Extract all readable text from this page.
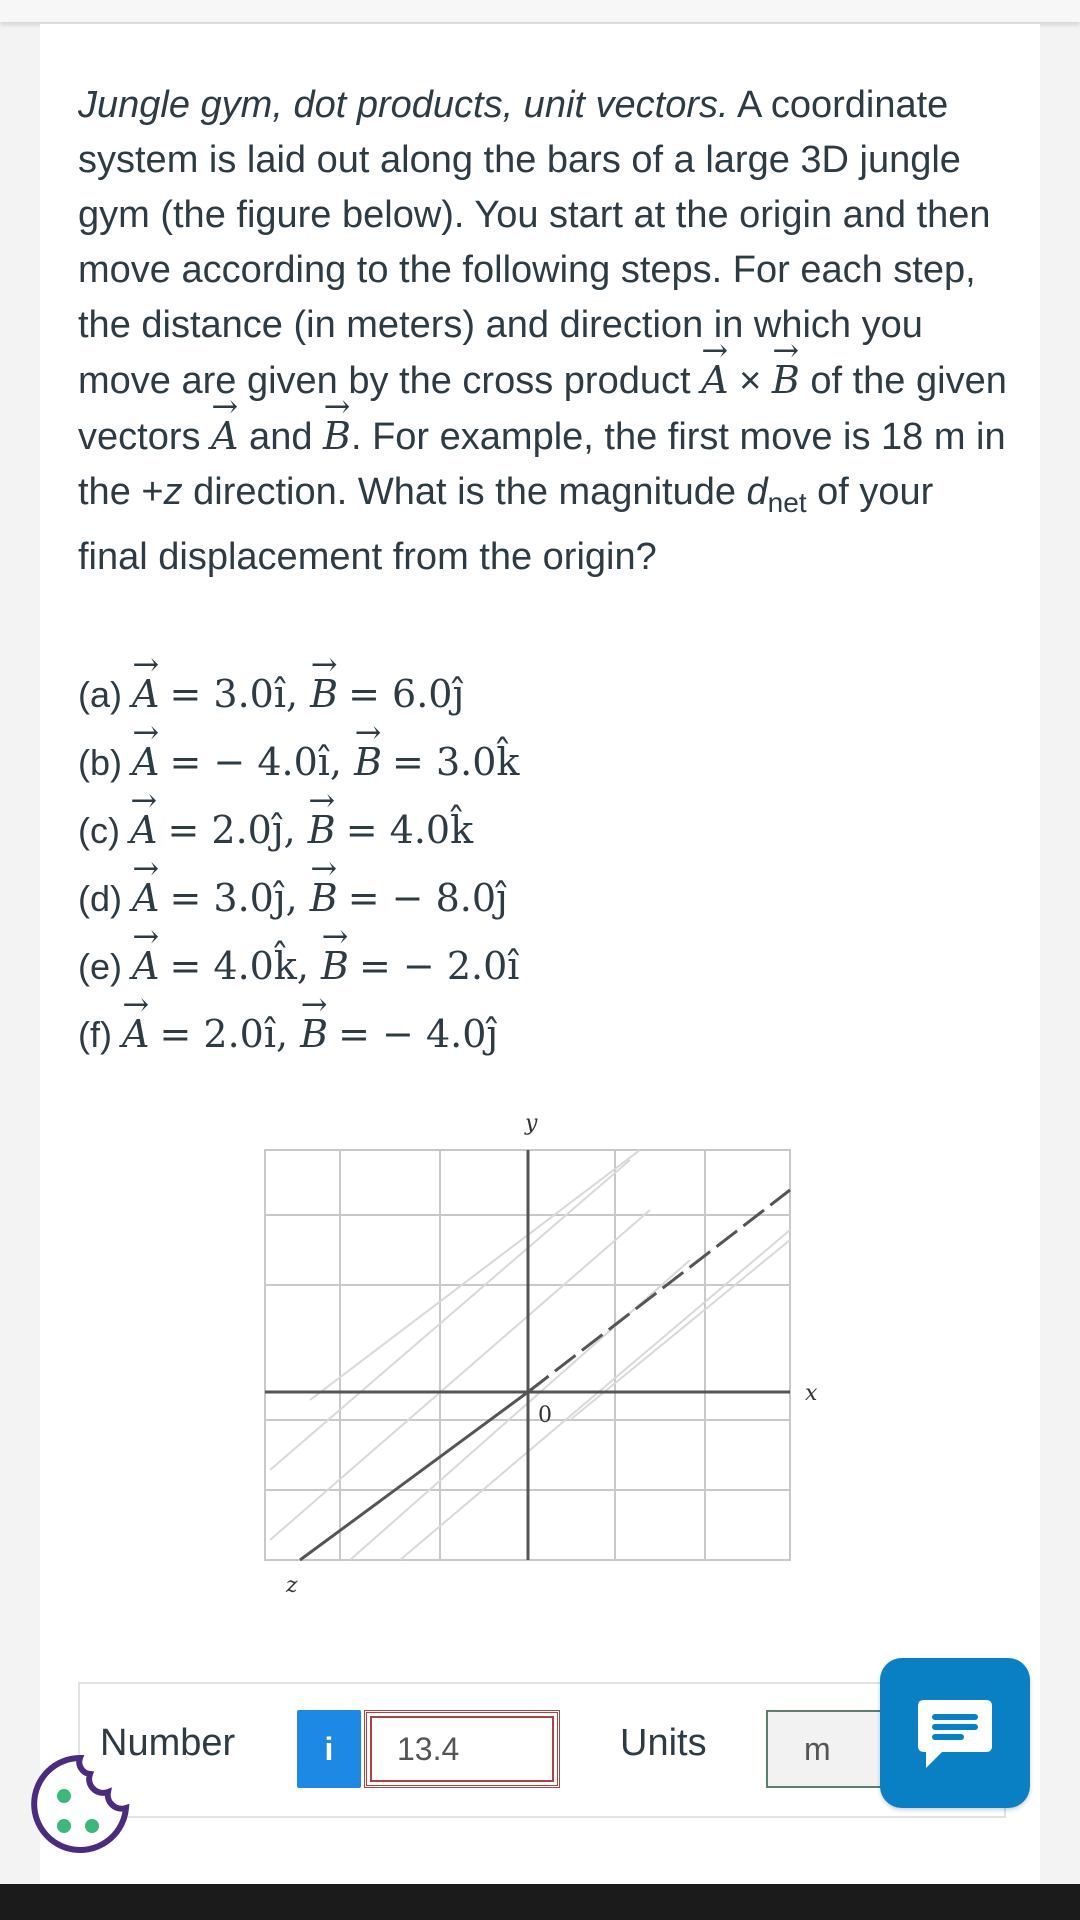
Jungle gym, dot products, unit vectors. A coordinate system is laid out along the bars of a large 3D jungle gym (the figure below). You start at the origin and then move according to the following steps. For each step, the distance (in meters) and direction in which you move are given by the cross product → A × → B of the given vectors → A and → B. For example, the first move is 18 m in the +z direction. What is the magnitude $d_{net}$ of your final displacement from the origin?
(a) → A = 3.0î, → B = 6.0ĵ
(b) → A = − 4.0î, → B = 3.0k̂
(c) → A = 2.0ĵ, → B = 4.0k̂
(d) → A = 3.0ĵ, → B = − 8.0ĵ
(e) → A = 4.0k̂, → B = − 2.0î
(f) → A = 2.0î, → B = − 4.0ĵ
y
x
z
0
Number	i	13.4	Units	m
